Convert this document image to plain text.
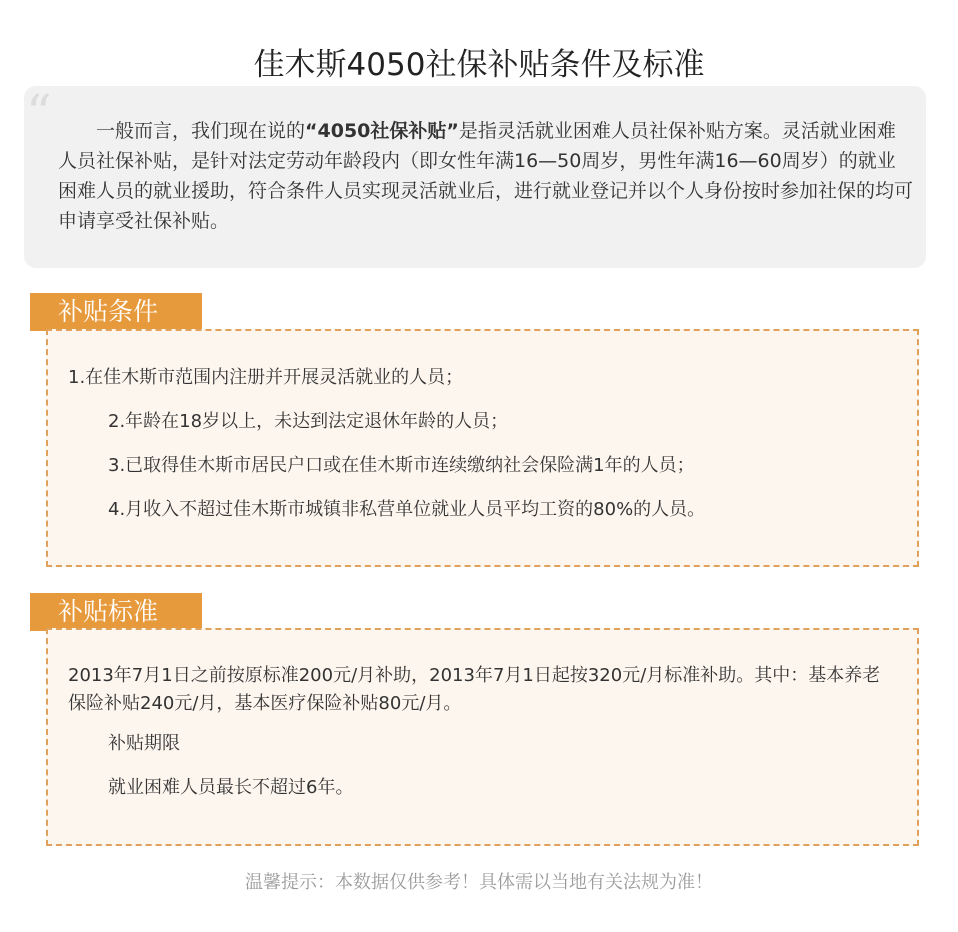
佳木斯4050社保补贴条件及标准
“	一般而言，我们现在说的“4050社保补贴”是指灵活就业困难人员社保补贴方案。灵活就业困难人员社保补贴，是针对法定劳动年龄段内（即女性年满16—50周岁，男性年满16—60周岁）的就业困难人员的就业援助，符合条件人员实现灵活就业后，进行就业登记并以个人身份按时参加社保的均可申请享受社保补贴。

补贴条件

1.在佳木斯市范围内注册并开展灵活就业的人员；

2.年龄在18岁以上，未达到法定退休年龄的人员；

3.已取得佳木斯市居民户口或在佳木斯市连续缴纳社会保险满1年的人员；

4.月收入不超过佳木斯市城镇非私营单位就业人员平均工资的80%的人员。

补贴标准

2013年7月1日之前按原标准200元/月补助，2013年7月1日起按320元/月标准补助。其中：基本养老保险补贴240元/月，基本医疗保险补贴80元/月。

补贴期限

就业困难人员最长不超过6年。

温馨提示：本数据仅供参考！具体需以当地有关法规为准！
